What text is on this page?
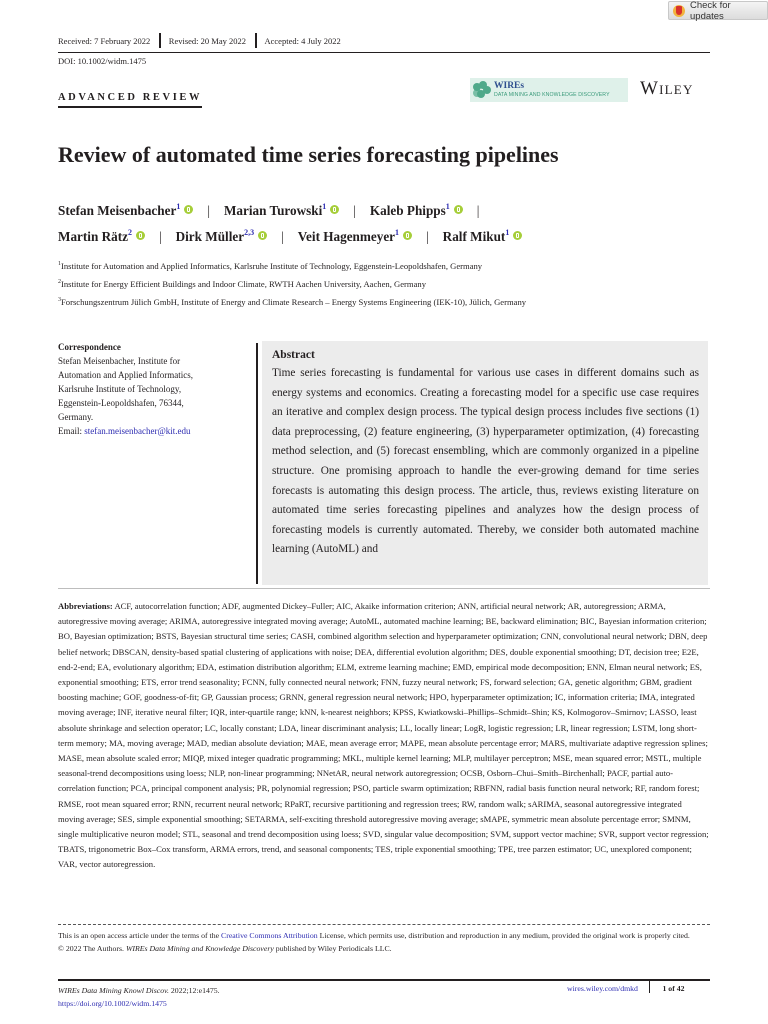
Check for updates
Received: 7 February 2022	Revised: 20 May 2022	Accepted: 4 July 2022
DOI: 10.1002/widm.1475
ADVANCED REVIEW
WIREs
DATA MINING AND KNOWLEDGE DISCOVERY Wiley
Review of automated time series forecasting pipelines
Stefan Meisenbacher$^1$ | Marian Turowski$^1$ | Kaleb Phipps$^1$ |
Martin Rätz$^2$ | Dirk Müller$^{2,3}$ | Veit Hagenmeyer$^1$ | Ralf Mikut$^1$
$^1$Institute for Automation and Applied Informatics, Karlsruhe Institute of Technology, Eggenstein-Leopoldshafen, Germany
$^2$Institute for Energy Efficient Buildings and Indoor Climate, RWTH Aachen University, Aachen, Germany
$^3$Forschungszentrum Jülich GmbH, Institute of Energy and Climate Research – Energy Systems Engineering (IEK-10), Jülich, Germany
Correspondence
Stefan Meisenbacher, Institute for
Automation and Applied Informatics,
Karlsruhe Institute of Technology,
Eggenstein-Leopoldshafen, 76344,
Germany.
Email: stefan.meisenbacher@kit.edu
Abstract
Time series forecasting is fundamental for various use cases in different domains such as energy systems and economics. Creating a forecasting model for a specific use case requires an iterative and complex design process. The typical design process includes five sections (1) data preprocessing, (2) feature engineering, (3) hyperparameter optimization, (4) forecasting method selection, and (5) forecast ensembling, which are commonly organized in a pipeline structure. One promising approach to handle the ever-growing demand for time series forecasts is automating this design process. The article, thus, reviews existing literature on automated time series forecasting pipelines and analyzes how the design process of forecasting models is currently automated. Thereby, we consider both automated machine learning (AutoML) and
Abbreviations: ACF, autocorrelation function; ADF, augmented Dickey–Fuller; AIC, Akaike information criterion; ANN, artificial neural network; AR, autoregression; ARMA, autoregressive moving average; ARIMA, autoregressive integrated moving average; AutoML, automated machine learning; BE, backward elimination; BIC, Bayesian information criterion; BO, Bayesian optimization; BSTS, Bayesian structural time series; CASH, combined algorithm selection and hyperparameter optimization; CNN, convolutional neural network; DBN, deep belief network; DBSCAN, density-based spatial clustering of applications with noise; DEA, differential evolution algorithm; DES, double exponential smoothing; DT, decision tree; E2E, end-2-end; EA, evolutionary algorithm; EDA, estimation distribution algorithm; ELM, extreme learning machine; EMD, empirical mode decomposition; ENN, Elman neural network; ES, exponential smoothing; ETS, error trend seasonality; FCNN, fully connected neural network; FNN, fuzzy neural network; FS, forward selection; GA, genetic algorithm; GBM, gradient boosting machine; GOF, goodness-of-fit; GP, Gaussian process; GRNN, general regression neural network; HPO, hyperparameter optimization; IC, information criteria; IMA, integrated moving average; INF, iterative neural filter; IQR, inter-quartile range; kNN, k-nearest neighbors; KPSS, Kwiatkowski–Phillips–Schmidt–Shin; KS, Kolmogorov–Smirnov; LASSO, least absolute shrinkage and selection operator; LC, locally constant; LDA, linear discriminant analysis; LL, locally linear; LogR, logistic regression; LR, linear regression; LSTM, long short-term memory; MA, moving average; MAD, median absolute deviation; MAE, mean average error; MAPE, mean absolute percentage error; MARS, multivariate adaptive regression splines; MASE, mean absolute scaled error; MIQP, mixed integer quadratic programming; MKL, multiple kernel learning; MLP, multilayer perceptron; MSE, mean squared error; MSTL, multiple seasonal-trend decompositions using loess; NLP, non-linear programming; NNetAR, neural network autoregression; OCSB, Osborn–Chui–Smith–Birchenhall; PACF, partial auto-correlation function; PCA, principal component analysis; PR, polynomial regression; PSO, particle swarm optimization; RBFNN, radial basis function neural network; RF, random forest; RMSE, root mean squared error; RNN, recurrent neural network; RPaRT, recursive partitioning and regression trees; RW, random walk; sARIMA, seasonal autoregressive integrated moving average; SES, simple exponential smoothing; SETARMA, self-exciting threshold autoregressive moving average; sMAPE, symmetric mean absolute percentage error; SMNM, single multiplicative neuron model; STL, seasonal and trend decomposition using loess; SVD, singular value decomposition; SVM, support vector machine; SVR, support vector regression; TBATS, trigonometric Box–Cox transform, ARMA errors, trend, and seasonal components; TES, triple exponential smoothing; TPE, tree parzen estimator; UC, unexplored component; VAR, vector autoregression.
This is an open access article under the terms of the Creative Commons Attribution License, which permits use, distribution and reproduction in any medium, provided the original work is properly cited.
© 2022 The Authors. WIREs Data Mining and Knowledge Discovery published by Wiley Periodicals LLC.
WIREs Data Mining Knowl Discov. 2022;12:e1475.
https://doi.org/10.1002/widm.1475
wires.wiley.com/dmkd	1 of 42
